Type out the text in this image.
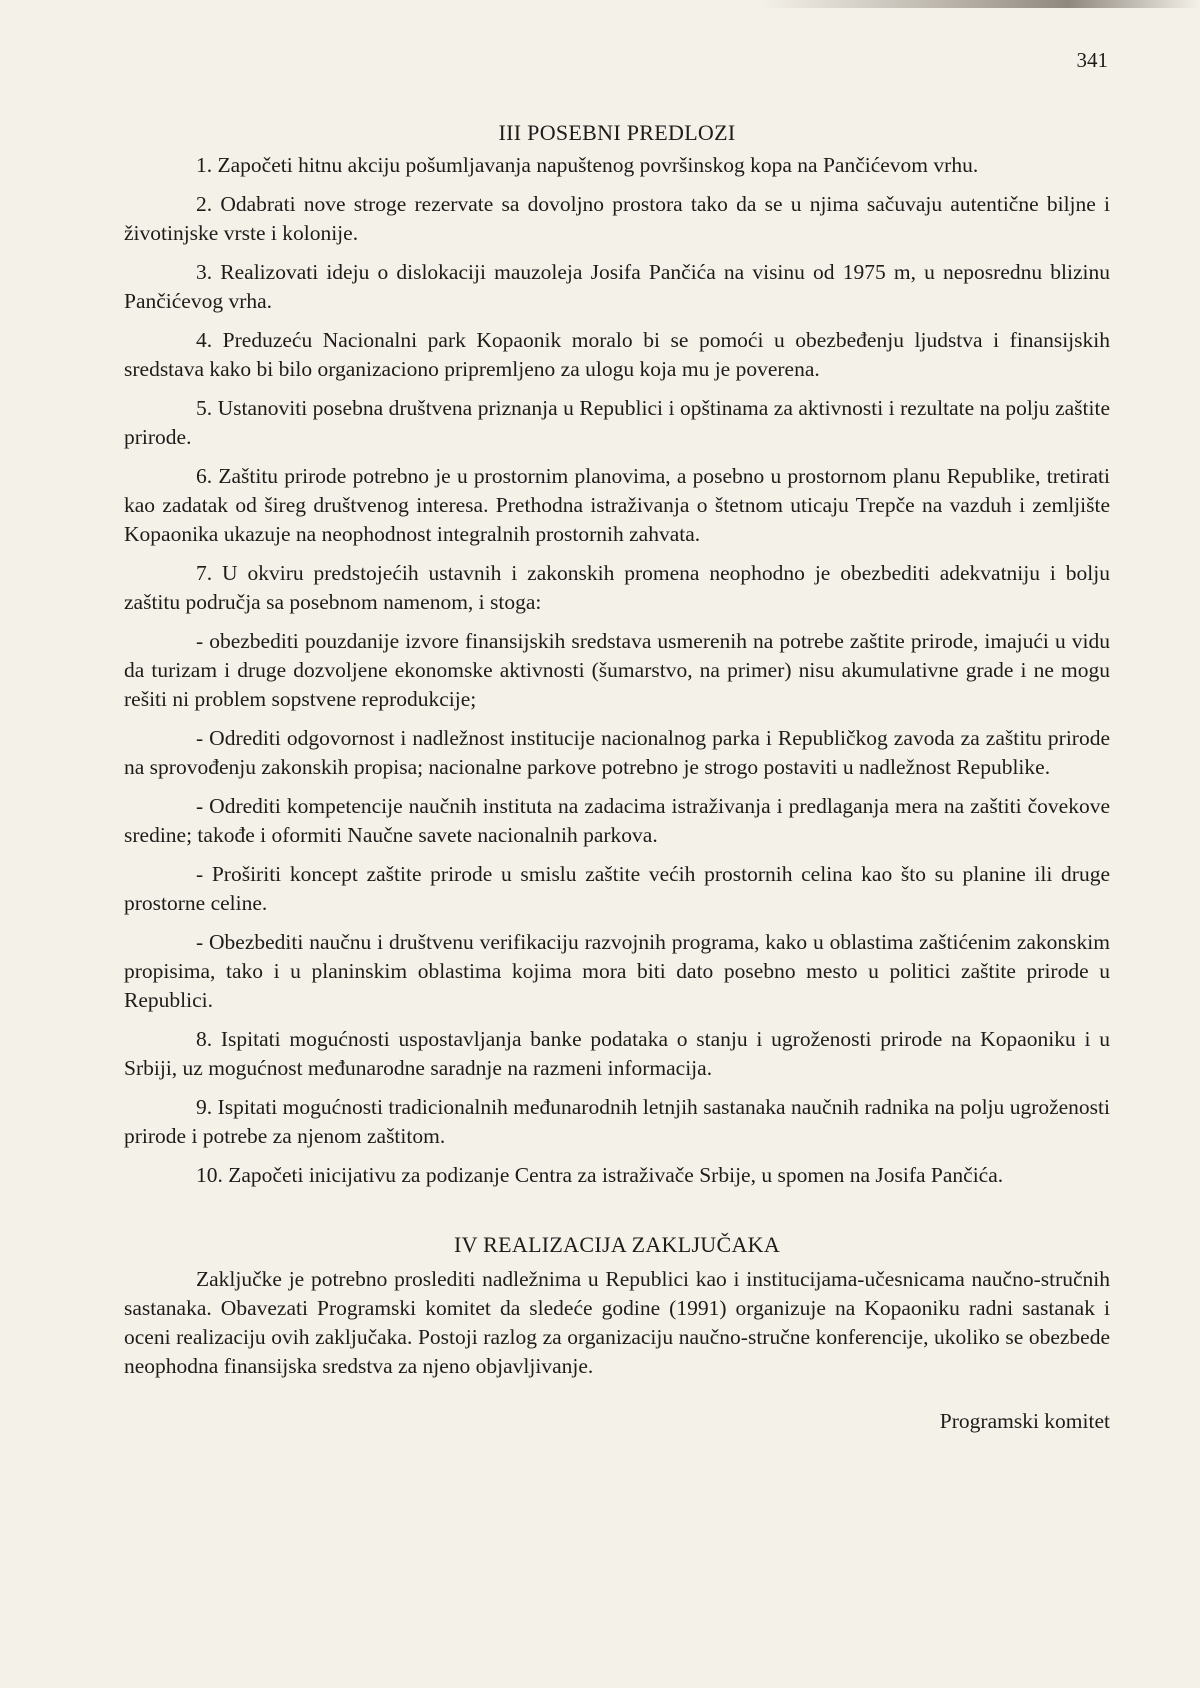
341
III POSEBNI PREDLOZI

1. Započeti hitnu akciju pošumljavanja napuštenog površinskog kopa na Pančićevom vrhu.

2. Odabrati nove stroge rezervate sa dovoljno prostora tako da se u njima sačuvaju autentične biljne i životinjske vrste i kolonije.

3. Realizovati ideju o dislokaciji mauzoleja Josifa Pančića na visinu od 1975 m, u neposrednu blizinu Pančićevog vrha.

4. Preduzeću Nacionalni park Kopaonik moralo bi se pomoći u obezbeđenju ljudstva i finansijskih sredstava kako bi bilo organizaciono pripremljeno za ulogu koja mu je poverena.

5. Ustanoviti posebna društvena priznanja u Republici i opštinama za aktivnosti i rezultate na polju zaštite prirode.

6. Zaštitu prirode potrebno je u prostornim planovima, a posebno u prostornom planu Republike, tretirati kao zadatak od šireg društvenog interesa. Prethodna istraživanja o štetnom uticaju Trepče na vazduh i zemljište Kopaonika ukazuje na neophodnost integralnih prostornih zahvata.

7. U okviru predstojećih ustavnih i zakonskih promena neophodno je obezbediti adekvatniju i bolju zaštitu područja sa posebnom namenom, i stoga:

- obezbediti pouzdanije izvore finansijskih sredstava usmerenih na potrebe zaštite prirode, imajući u vidu da turizam i druge dozvoljene ekonomske aktivnosti (šumarstvo, na primer) nisu akumulativne grade i ne mogu rešiti ni problem sopstvene reprodukcije;

- Odrediti odgovornost i nadležnost institucije nacionalnog parka i Republičkog zavoda za zaštitu prirode na sprovođenju zakonskih propisa; nacionalne parkove potrebno je strogo postaviti u nadležnost Republike.

- Odrediti kompetencije naučnih instituta na zadacima istraživanja i predlaganja mera na zaštiti čovekove sredine; takođe i oformiti Naučne savete nacionalnih parkova.

- Proširiti koncept zaštite prirode u smislu zaštite većih prostornih celina kao što su planine ili druge prostorne celine.

- Obezbediti naučnu i društvenu verifikaciju razvojnih programa, kako u oblastima zaštićenim zakonskim propisima, tako i u planinskim oblastima kojima mora biti dato posebno mesto u politici zaštite prirode u Republici.

8. Ispitati mogućnosti uspostavljanja banke podataka o stanju i ugroženosti prirode na Kopaoniku i u Srbiji, uz mogućnost međunarodne saradnje na razmeni informacija.

9. Ispitati mogućnosti tradicionalnih međunarodnih letnjih sastanaka naučnih radnika na polju ugroženosti prirode i potrebe za njenom zaštitom.

10. Započeti inicijativu za podizanje Centra za istraživače Srbije, u spomen na Josifa Pančića.

IV REALIZACIJA ZAKLJUČAKA

Zaključke je potrebno proslediti nadležnima u Republici kao i institucijama-učesnicama naučno-stručnih sastanaka. Obavezati Programski komitet da sledeće godine (1991) organizuje na Kopaoniku radni sastanak i oceni realizaciju ovih zaključaka. Postoji razlog za organizaciju naučno-stručne konferencije, ukoliko se obezbede neophodna finansijska sredstva za njeno objavljivanje.

Programski komitet
